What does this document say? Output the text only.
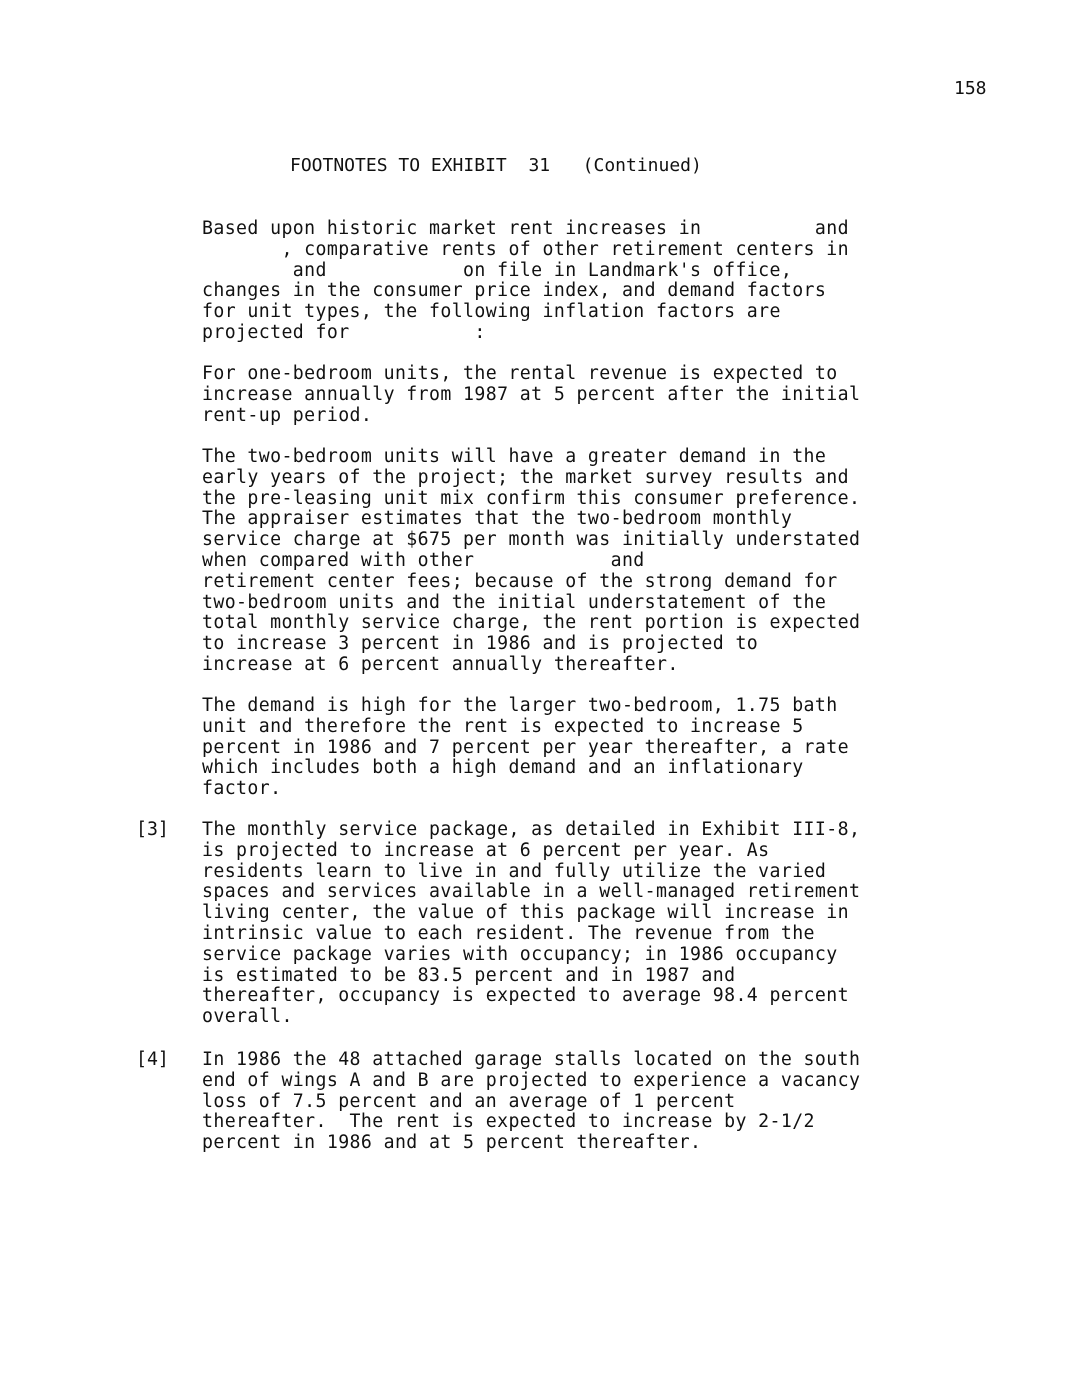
158
FOOTNOTES TO EXHIBIT 31 (Continued)
Based upon historic market rent increases in          and
, comparative rents of other retirement centers in
and            on file in Landmark's office,
changes in the consumer price index, and demand factors
for unit types, the following inflation factors are
projected for           :
For one-bedroom units, the rental revenue is expected to
increase annually from 1987 at 5 percent after the initial
rent-up period.
The two-bedroom units will have a greater demand in the
early years of the project; the market survey results and
the pre-leasing unit mix confirm this consumer preference.
The appraiser estimates that the two-bedroom monthly
service charge at $675 per month was initially understated
when compared with other            and
retirement center fees; because of the strong demand for
two-bedroom units and the initial understatement of the
total monthly service charge, the rent portion is expected
to increase 3 percent in 1986 and is projected to
increase at 6 percent annually thereafter.
The demand is high for the larger two-bedroom, 1.75 bath
unit and therefore the rent is expected to increase 5
percent in 1986 and 7 percent per year thereafter, a rate
which includes both a high demand and an inflationary
factor.
[3] The monthly service package, as detailed in Exhibit III-8,
is projected to increase at 6 percent per year. As
residents learn to live in and fully utilize the varied
spaces and services available in a well-managed retirement
living center, the value of this package will increase in
intrinsic value to each resident. The revenue from the
service package varies with occupancy; in 1986 occupancy
is estimated to be 83.5 percent and in 1987 and
thereafter, occupancy is expected to average 98.4 percent
overall.
[4] In 1986 the 48 attached garage stalls located on the south
end of wings A and B are projected to experience a vacancy
loss of 7.5 percent and an average of 1 percent
thereafter.  The rent is expected to increase by 2-1/2
percent in 1986 and at 5 percent thereafter.
